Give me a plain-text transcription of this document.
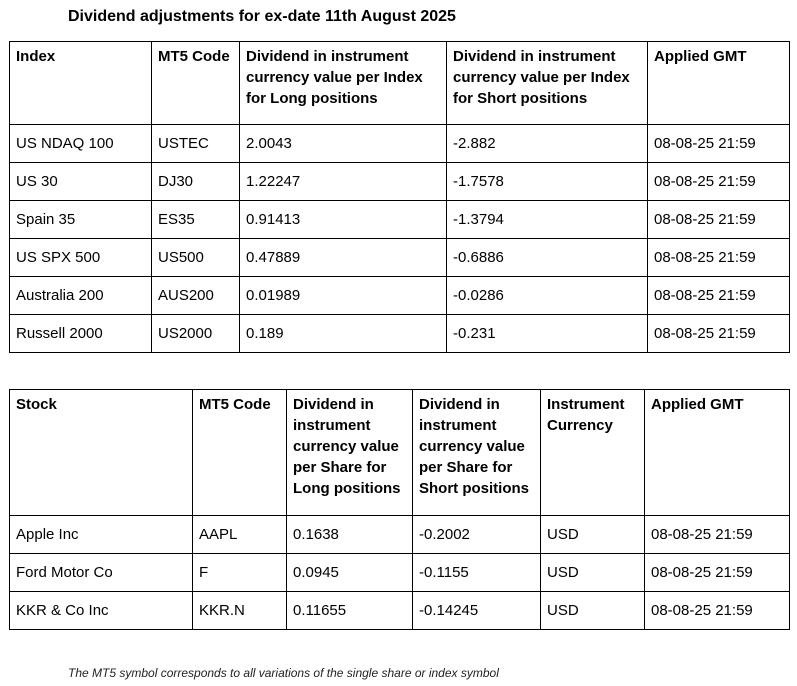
Dividend adjustments for ex-date 11th August 2025
Index	MT5 Code	Dividend in instrument currency value per Index for Long positions	Dividend in instrument currency value per Index for Short positions	Applied GMT
US NDAQ 100	USTEC	2.0043	-2.882	08-08-25 21:59
US 30	DJ30	1.22247	-1.7578	08-08-25 21:59
Spain 35	ES35	0.91413	-1.3794	08-08-25 21:59
US SPX 500	US500	0.47889	-0.6886	08-08-25 21:59
Australia 200	AUS200	0.01989	-0.0286	08-08-25 21:59
Russell 2000	US2000	0.189	-0.231	08-08-25 21:59
Stock	MT5 Code	Dividend in instrument currency value per Share for Long positions	Dividend in instrument currency value per Share for Short positions	Instrument Currency	Applied GMT
Apple Inc	AAPL	0.1638	-0.2002	USD	08-08-25 21:59
Ford Motor Co	F	0.0945	-0.1155	USD	08-08-25 21:59
KKR & Co Inc	KKR.N	0.11655	-0.14245	USD	08-08-25 21:59
The MT5 symbol corresponds to all variations of the single share or index symbol
